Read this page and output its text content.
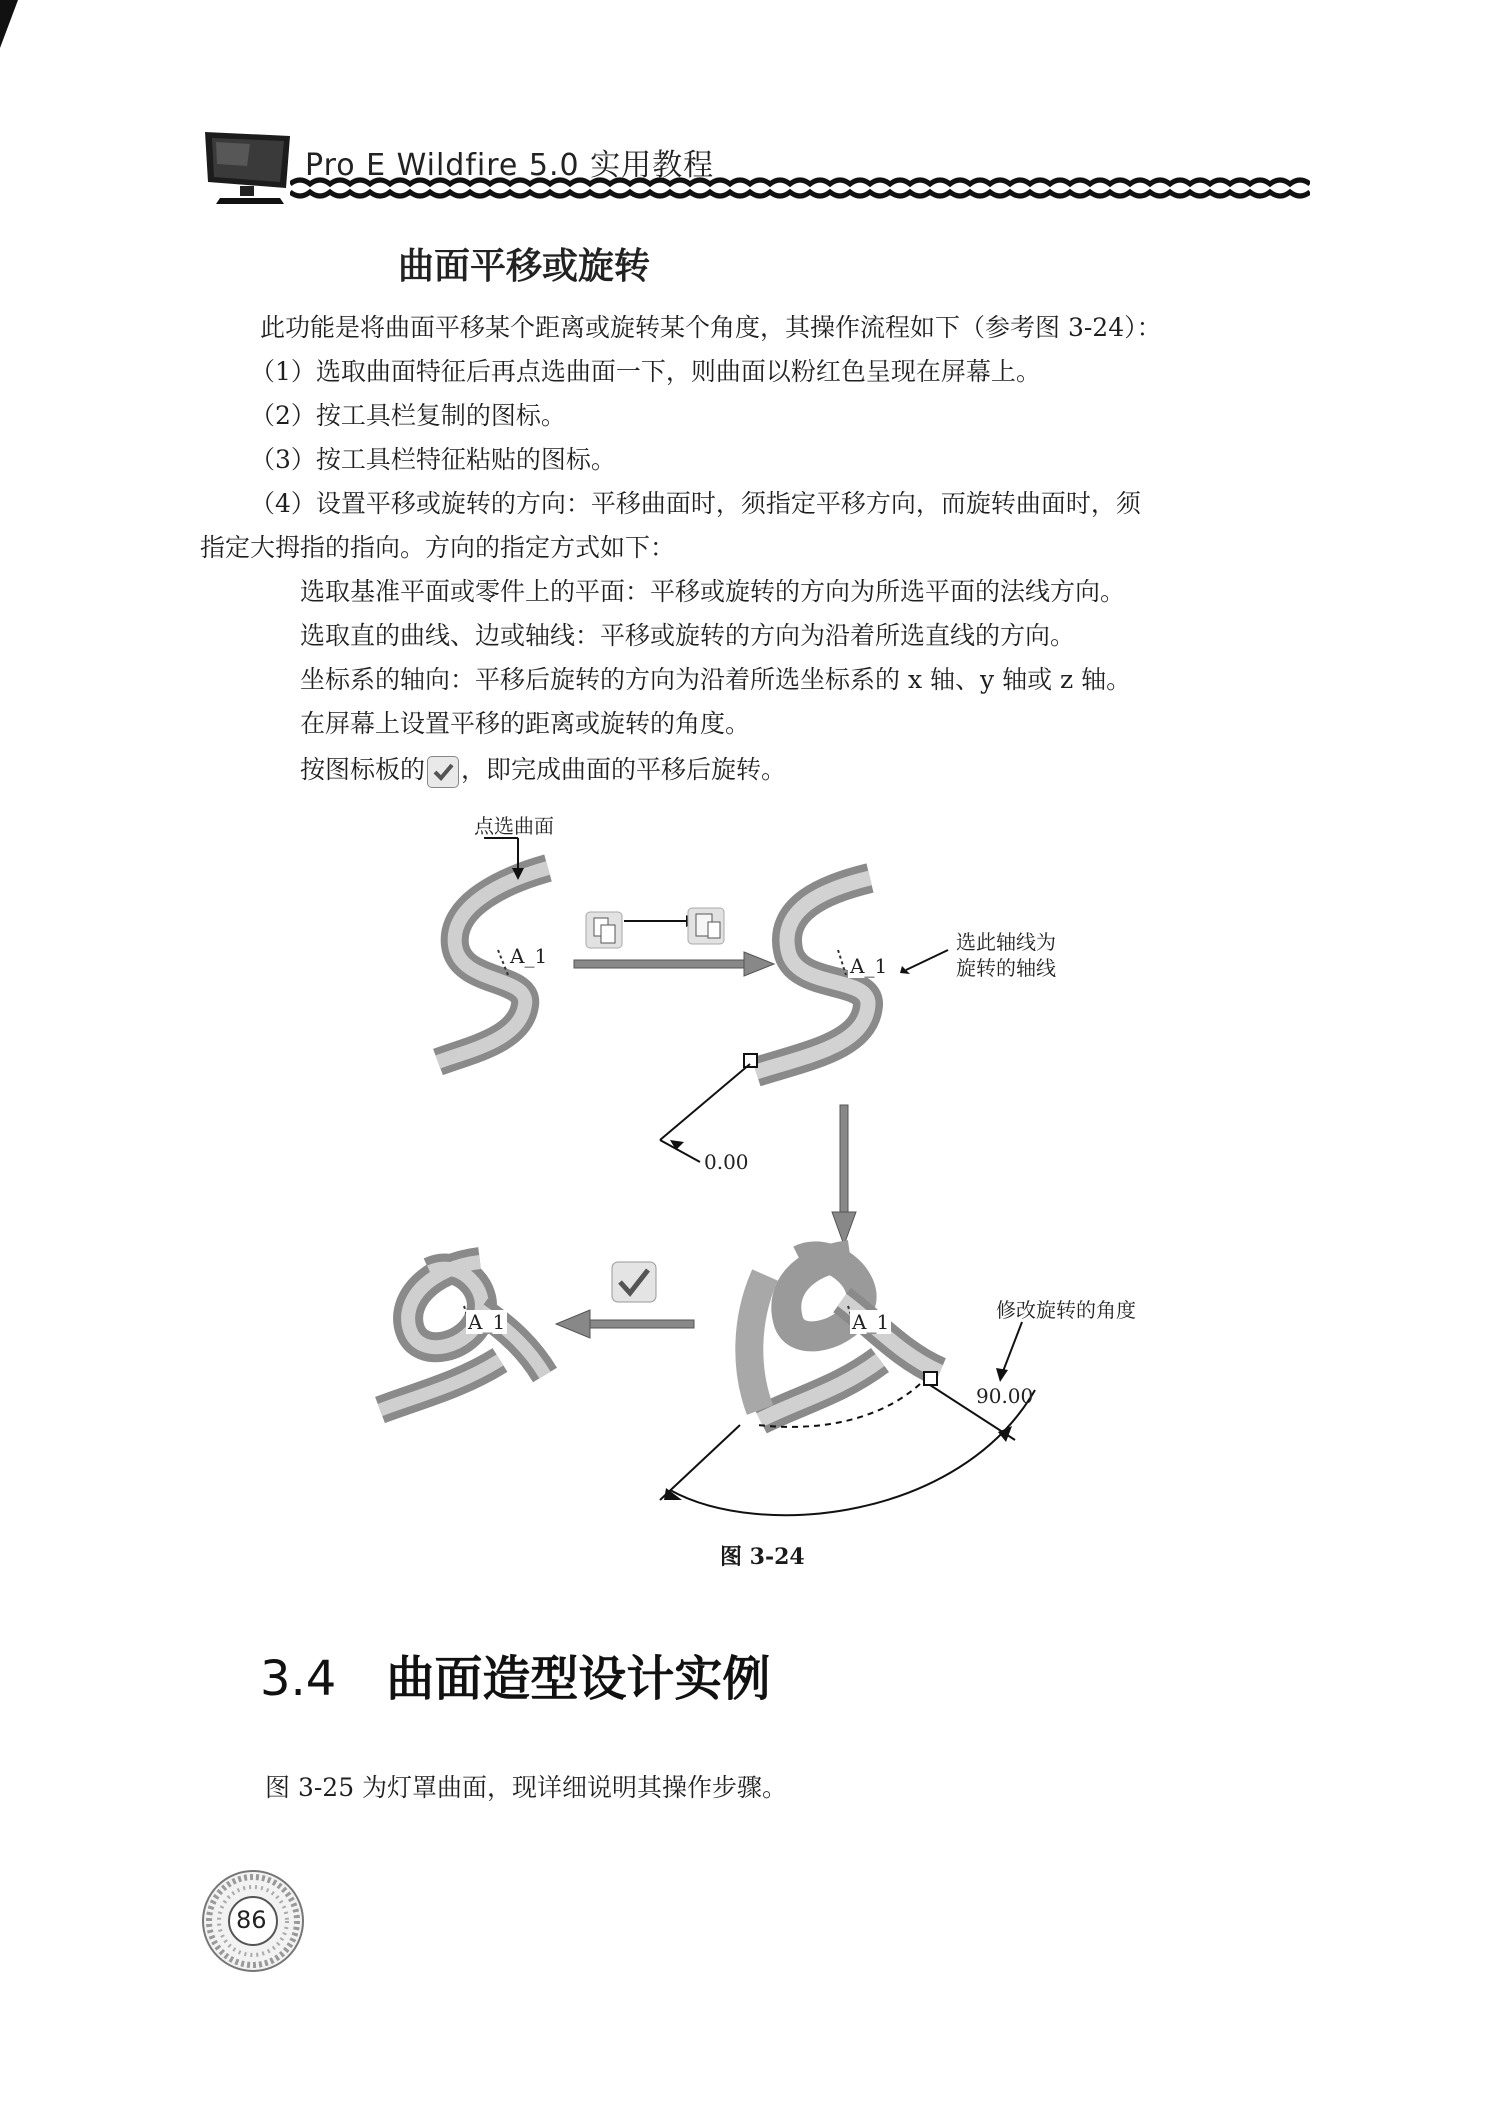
Pro E Wildfire 5.0 实用教程
曲面平移或旋转
此功能是将曲面平移某个距离或旋转某个角度，其操作流程如下（参考图 3-24）：
（1）选取曲面特征后再点选曲面一下，则曲面以粉红色呈现在屏幕上。
（2）按工具栏复制的图标。
（3）按工具栏特征粘贴的图标。
（4）设置平移或旋转的方向：平移曲面时，须指定平移方向，而旋转曲面时，须
指定大拇指的指向。方向的指定方式如下：
选取基准平面或零件上的平面：平移或旋转的方向为所选平面的法线方向。
选取直的曲线、边或轴线：平移或旋转的方向为沿着所选直线的方向。
坐标系的轴向：平移后旋转的方向为沿着所选坐标系的 x 轴、y 轴或 z 轴。
在屏幕上设置平移的距离或旋转的角度。
按图标板的 ，即完成曲面的平移后旋转。
点选曲面
A_1	A_1
选此轴线为
旋转的轴线
0.00
修改旋转的角度
90.00
A_1
A_1
图 3-24
3.4 曲面造型设计实例
图 3-25 为灯罩曲面，现详细说明其操作步骤。
86
